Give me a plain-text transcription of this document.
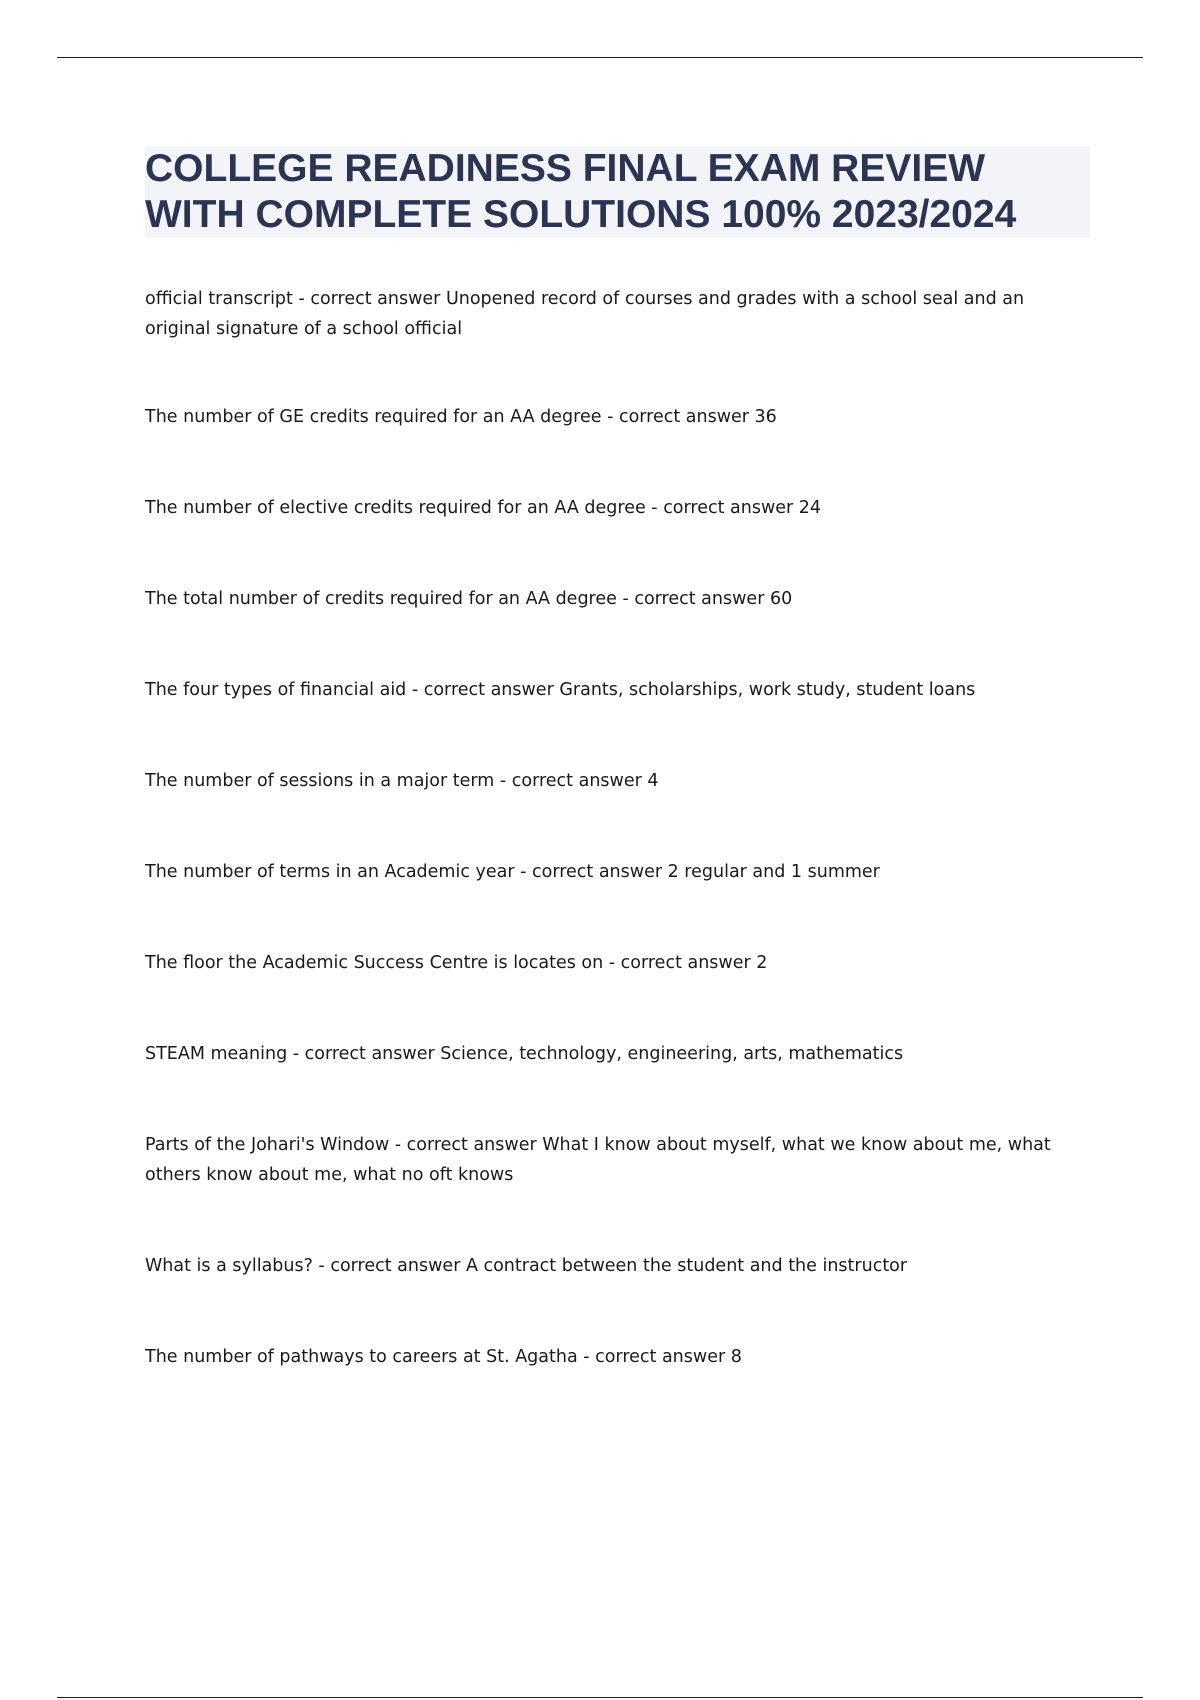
COLLEGE READINESS FINAL EXAM REVIEW
WITH COMPLETE SOLUTIONS 100% 2023/2024
official transcript - correct answer Unopened record of courses and grades with a school seal and an original signature of a school official
The number of GE credits required for an AA degree - correct answer 36
The number of elective credits required for an AA degree - correct answer 24
The total number of credits required for an AA degree - correct answer 60
The four types of financial aid - correct answer Grants, scholarships, work study, student loans
The number of sessions in a major term - correct answer 4
The number of terms in an Academic year - correct answer 2 regular and 1 summer
The floor the Academic Success Centre is locates on - correct answer 2
STEAM meaning - correct answer Science, technology, engineering, arts, mathematics
Parts of the Johari's Window - correct answer What I know about myself, what we know about me, what others know about me, what no oft knows
What is a syllabus? - correct answer A contract between the student and the instructor
The number of pathways to careers at St. Agatha - correct answer 8
